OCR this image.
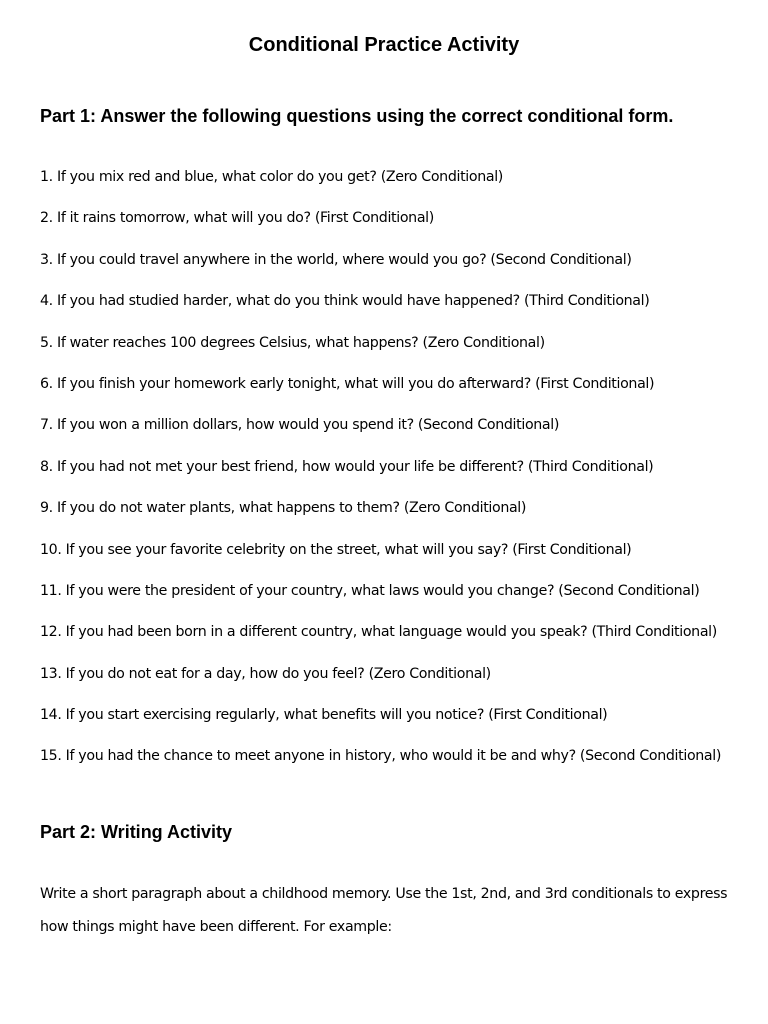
Conditional Practice Activity
Part 1: Answer the following questions using the correct conditional form.
1. If you mix red and blue, what color do you get? (Zero Conditional)
2. If it rains tomorrow, what will you do? (First Conditional)
3. If you could travel anywhere in the world, where would you go? (Second Conditional)
4. If you had studied harder, what do you think would have happened? (Third Conditional)
5. If water reaches 100 degrees Celsius, what happens? (Zero Conditional)
6. If you finish your homework early tonight, what will you do afterward? (First Conditional)
7. If you won a million dollars, how would you spend it? (Second Conditional)
8. If you had not met your best friend, how would your life be different? (Third Conditional)
9. If you do not water plants, what happens to them? (Zero Conditional)
10. If you see your favorite celebrity on the street, what will you say? (First Conditional)
11. If you were the president of your country, what laws would you change? (Second Conditional)
12. If you had been born in a different country, what language would you speak? (Third Conditional)
13. If you do not eat for a day, how do you feel? (Zero Conditional)
14. If you start exercising regularly, what benefits will you notice? (First Conditional)
15. If you had the chance to meet anyone in history, who would it be and why? (Second Conditional)
Part 2: Writing Activity

Write a short paragraph about a childhood memory. Use the 1st, 2nd, and 3rd conditionals to express how things might have been different. For example:
